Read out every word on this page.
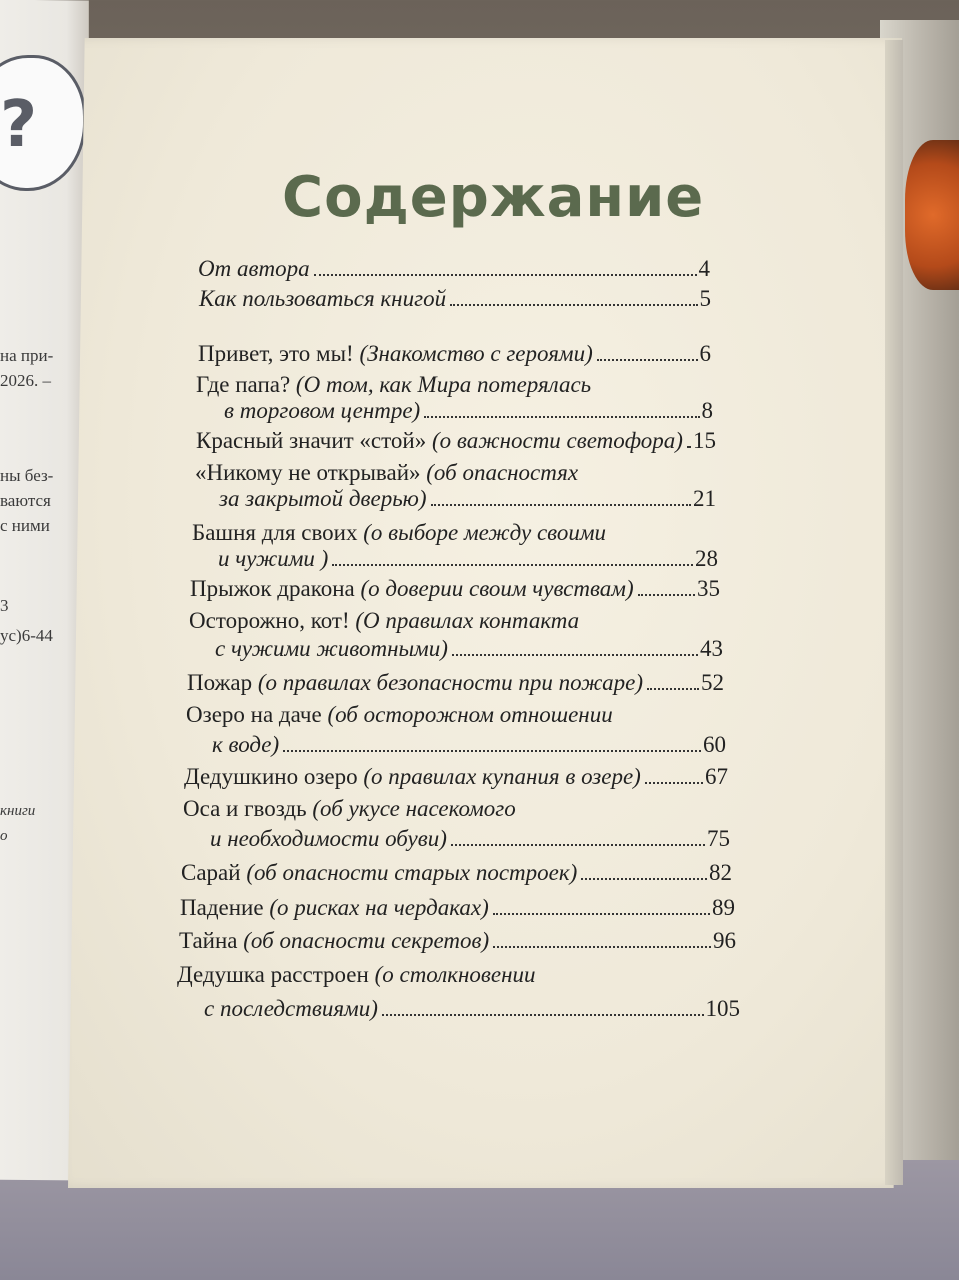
?
на при-
2026. –
ны без-
ваются
с ними
3
ус)6-44
книги
о
Содержание
От автора	4
Как пользоваться книгой	5
Привет, это мы!
(Знакомство с героями)	6
Где папа? (О том, как Мира потерялась
в торговом центре)	8
Красный значит «стой»
(о важности светофора) 15
«Никому не открывай» (об опасностях
за закрытой дверью)	21
Башня для своих (о выборе между своими
и чужими )	28
Прыжок дракона
(о доверии своим чувствам)	35
Осторожно, кот! (О правилах контакта
с чужими животными)	43
Пожар
(о правилах безопасности при пожаре)	52
Озеро на даче (об осторожном отношении
к воде)	60
Дедушкино озеро
(о правилах купания в озере)	67
Оса и гвоздь (об укусе насекомого
и необходимости обуви)	75
Сарай
(об опасности старых построек)	82
Падение
(о рисках на чердаках)	89
Тайна
(об опасности секретов)	96
Дедушка расстроен (о столкновении
с последствиями)	105
